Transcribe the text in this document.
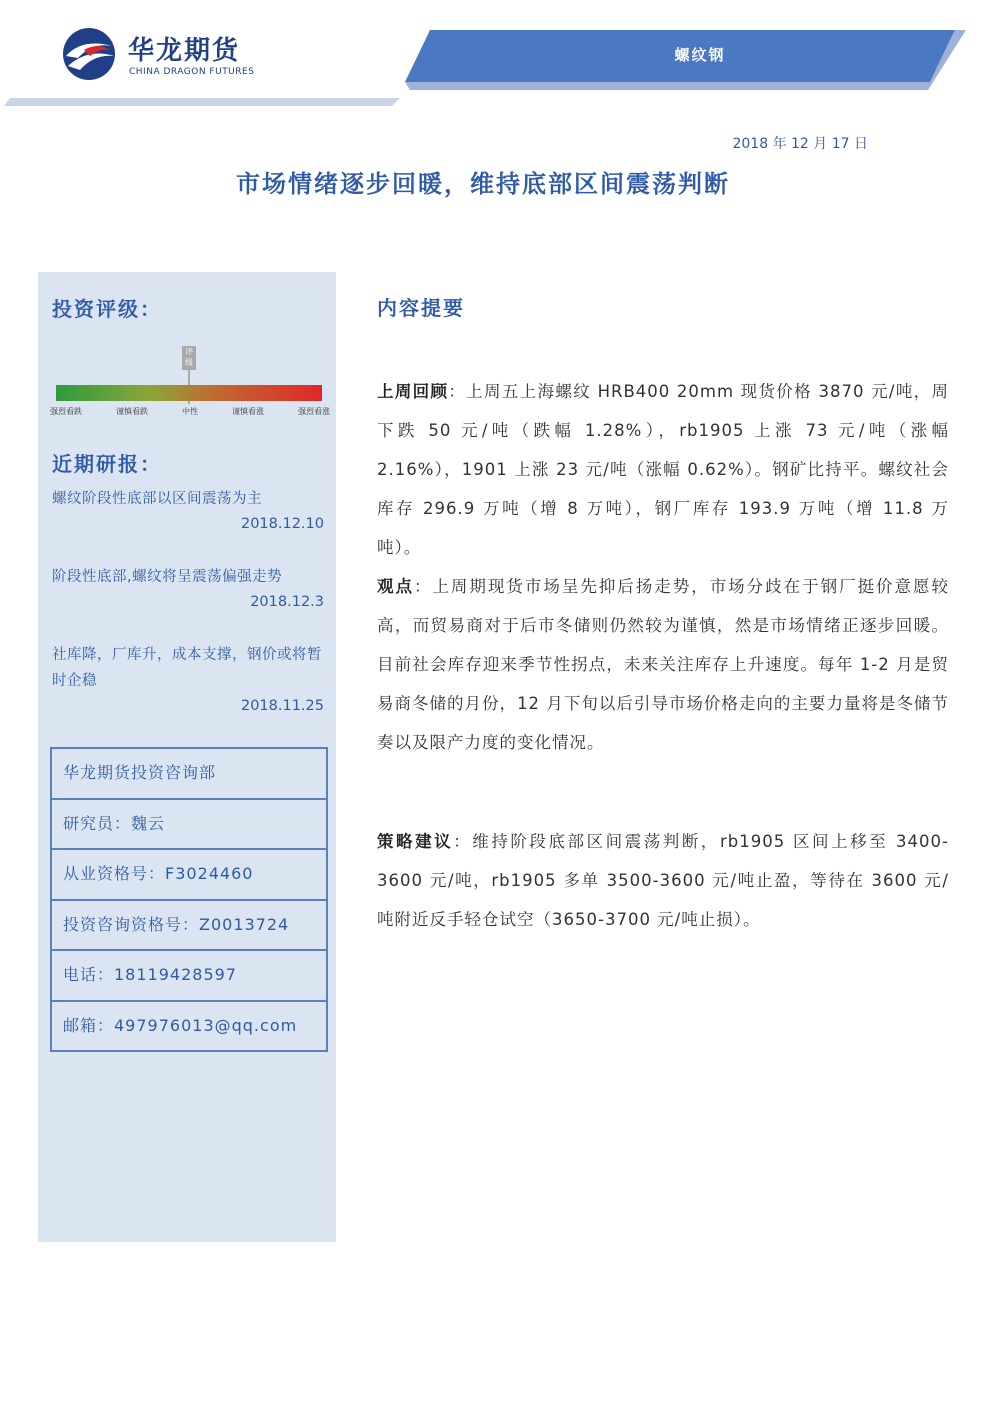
螺纹钢
华龙期货
CHINA DRAGON FUTURES
2018 年 12 月 17 日
市场情绪逐步回暖，维持底部区间震荡判断
投资评级：
评级
强烈看跌	谨慎看跌	中性	谨慎看涨	强烈看涨
近期研报：
螺纹阶段性底部以区间震荡为主
2018.12.10
阶段性底部,螺纹将呈震荡偏强走势
2018.12.3
社库降，厂库升，成本支撑，钢价或将暂时企稳
2018.11.25
华龙期货投资咨询部
研究员：魏云
从业资格号：F3024460
投资咨询资格号：Z0013724
电话：18119428597
邮箱：497976013@qq.com
内容提要
上周回顾：上周五上海螺纹 HRB400 20mm 现货价格 3870 元/吨，周下跌 50 元/吨（跌幅 1.28%），rb1905 上涨 73 元/吨（涨幅 2.16%），1901 上涨 23 元/吨（涨幅 0.62%）。钢矿比持平。螺纹社会库存 296.9 万吨（增 8 万吨），钢厂库存 193.9 万吨（增 11.8 万吨）。
观点：上周期现货市场呈先抑后扬走势，市场分歧在于钢厂挺价意愿较高，而贸易商对于后市冬储则仍然较为谨慎，然是市场情绪正逐步回暖。目前社会库存迎来季节性拐点，未来关注库存上升速度。每年 1-2 月是贸易商冬储的月份，12 月下旬以后引导市场价格走向的主要力量将是冬储节奏以及限产力度的变化情况。
策略建议：维持阶段底部区间震荡判断，rb1905 区间上移至 3400-3600 元/吨，rb1905 多单 3500-3600 元/吨止盈，等待在 3600 元/吨附近反手轻仓试空（3650-3700 元/吨止损）。
